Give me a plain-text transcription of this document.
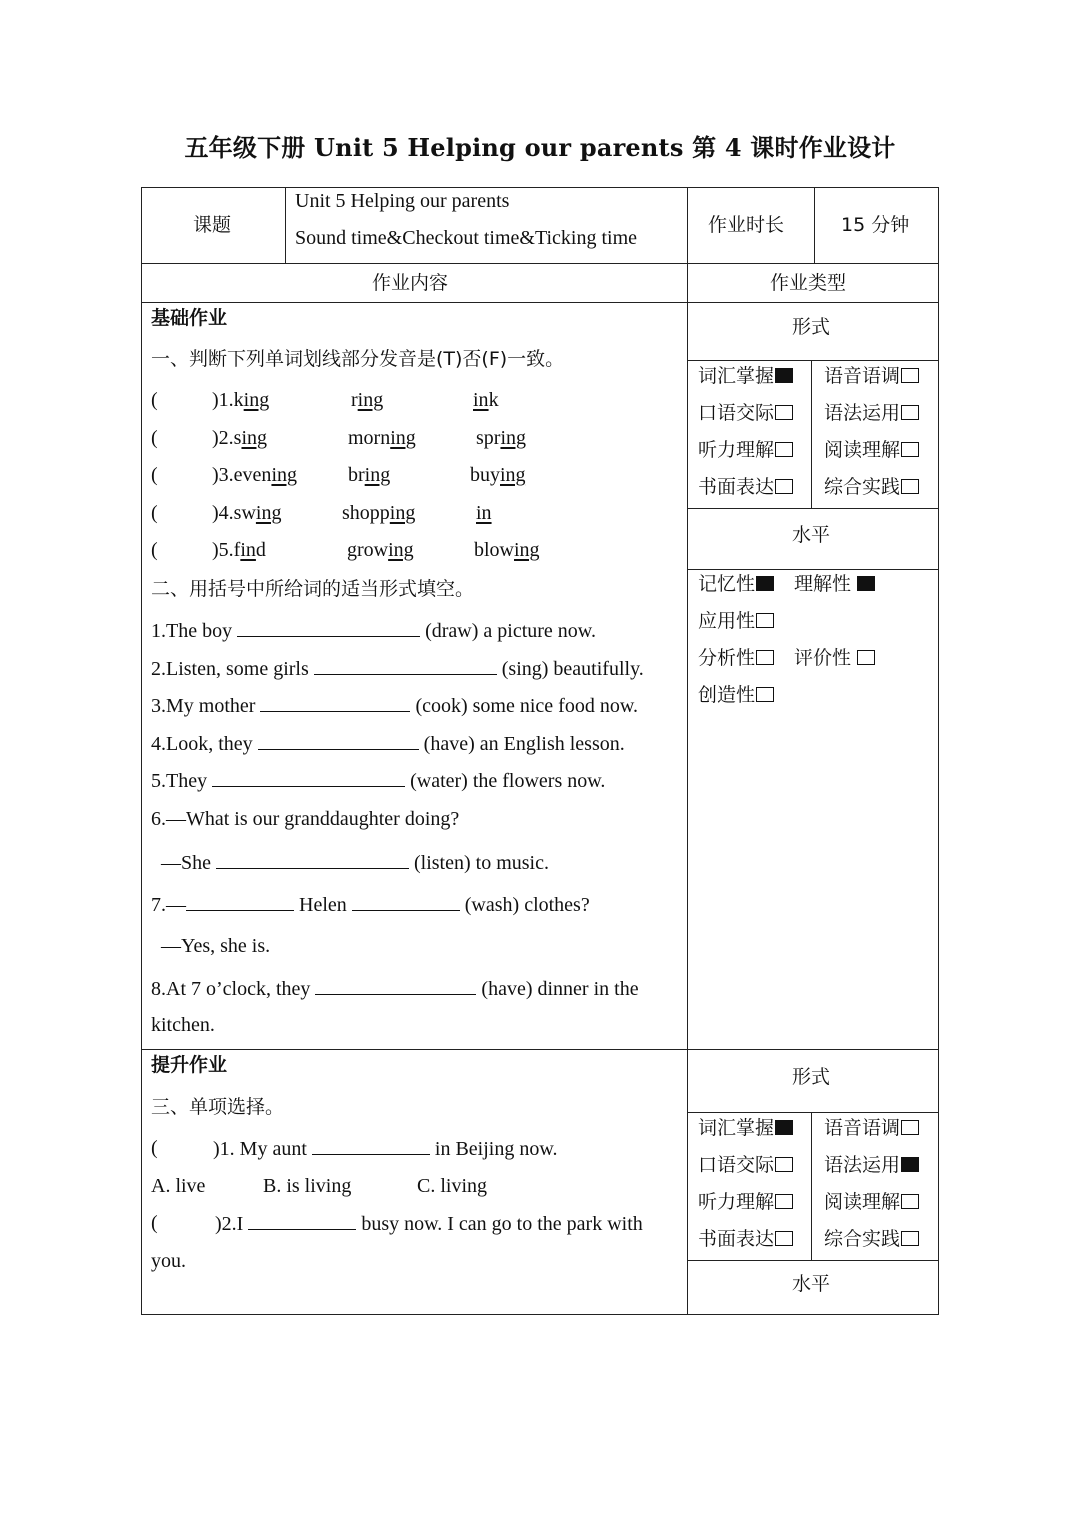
五年级下册 Unit 5 Helping our parents 第 4 课时作业设计
课题
Unit 5 Helping our parents
Sound time&Checkout time&Ticking time
作业时长	15 分钟
作业内容	作业类型
基础作业
一、判断下列单词划线部分发音是(T)否(F)一致。
(	)1.king	ring	ink
(	)2.sing	morning	spring
(	)3.evening	bring	buying
(	)4.swing	shopping	in
(	)5.find	growing	blowing
二、用括号中所给词的适当形式填空。
1.The boy	(draw) a picture now.
2.Listen, some girls	(sing) beautifully.
3.My mother	(cook) some nice food now.
4.Look, they	(have) an English lesson.
5.They	(water) the flowers now.
6.—What is our granddaughter doing?
—She	(listen) to music.
7.—	Helen	(wash) clothes?
—Yes, she is.
8.At 7 o’clock, they	(have) dinner in the
kitchen.
提升作业
三、单项选择。
(	)1. My aunt	in Beijing now.
A. live	B. is living	C. living
(	)2.I	busy now. I can go to the park with
you.
形式
词汇掌握	语音语调
口语交际	语法运用
听力理解	阅读理解
书面表达	综合实践
水平
记忆性	理解性
应用性
分析性	评价性
创造性
形式
词汇掌握	语音语调
口语交际	语法运用
听力理解	阅读理解
书面表达	综合实践
水平
